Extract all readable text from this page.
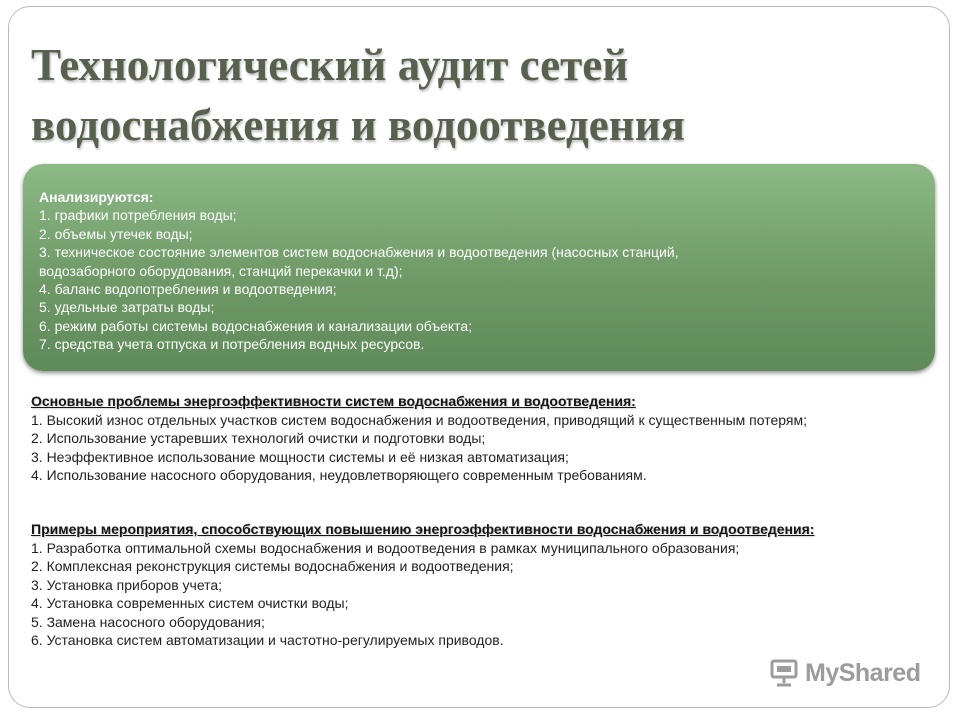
Технологический аудит сетей
водоснабжения и водоотведения
Анализируются:
1. графики потребления воды;
2. объемы утечек воды;
3. техническое состояние элементов систем водоснабжения и водоотведения (насосных станций,
водозаборного оборудования, станций перекачки и т.д);
4. баланс водопотребления и водоотведения;
5. удельные затраты воды;
6. режим работы системы водоснабжения и канализации объекта;
7. средства учета отпуска и потребления водных ресурсов.
Основные проблемы энергоэффективности систем водоснабжения и водоотведения:
1. Высокий износ отдельных участков систем водоснабжения и водоотведения, приводящий к существенным потерям;
2. Использование устаревших технологий очистки и подготовки воды;
3. Неэффективное использование мощности системы и её низкая автоматизация;
4. Использование насосного оборудования, неудовлетворяющего современным требованиям.
Примеры мероприятия, способствующих повышению энергоэффективности водоснабжения и водоотведения:
1. Разработка оптимальной схемы водоснабжения и водоотведения в рамках муниципального образования;
2. Комплексная реконструкция системы водоснабжения и водоотведения;
3. Установка приборов учета;
4. Установка современных систем очистки воды;
5. Замена насосного оборудования;
6. Установка систем автоматизации и частотно-регулируемых приводов.
MyShared
